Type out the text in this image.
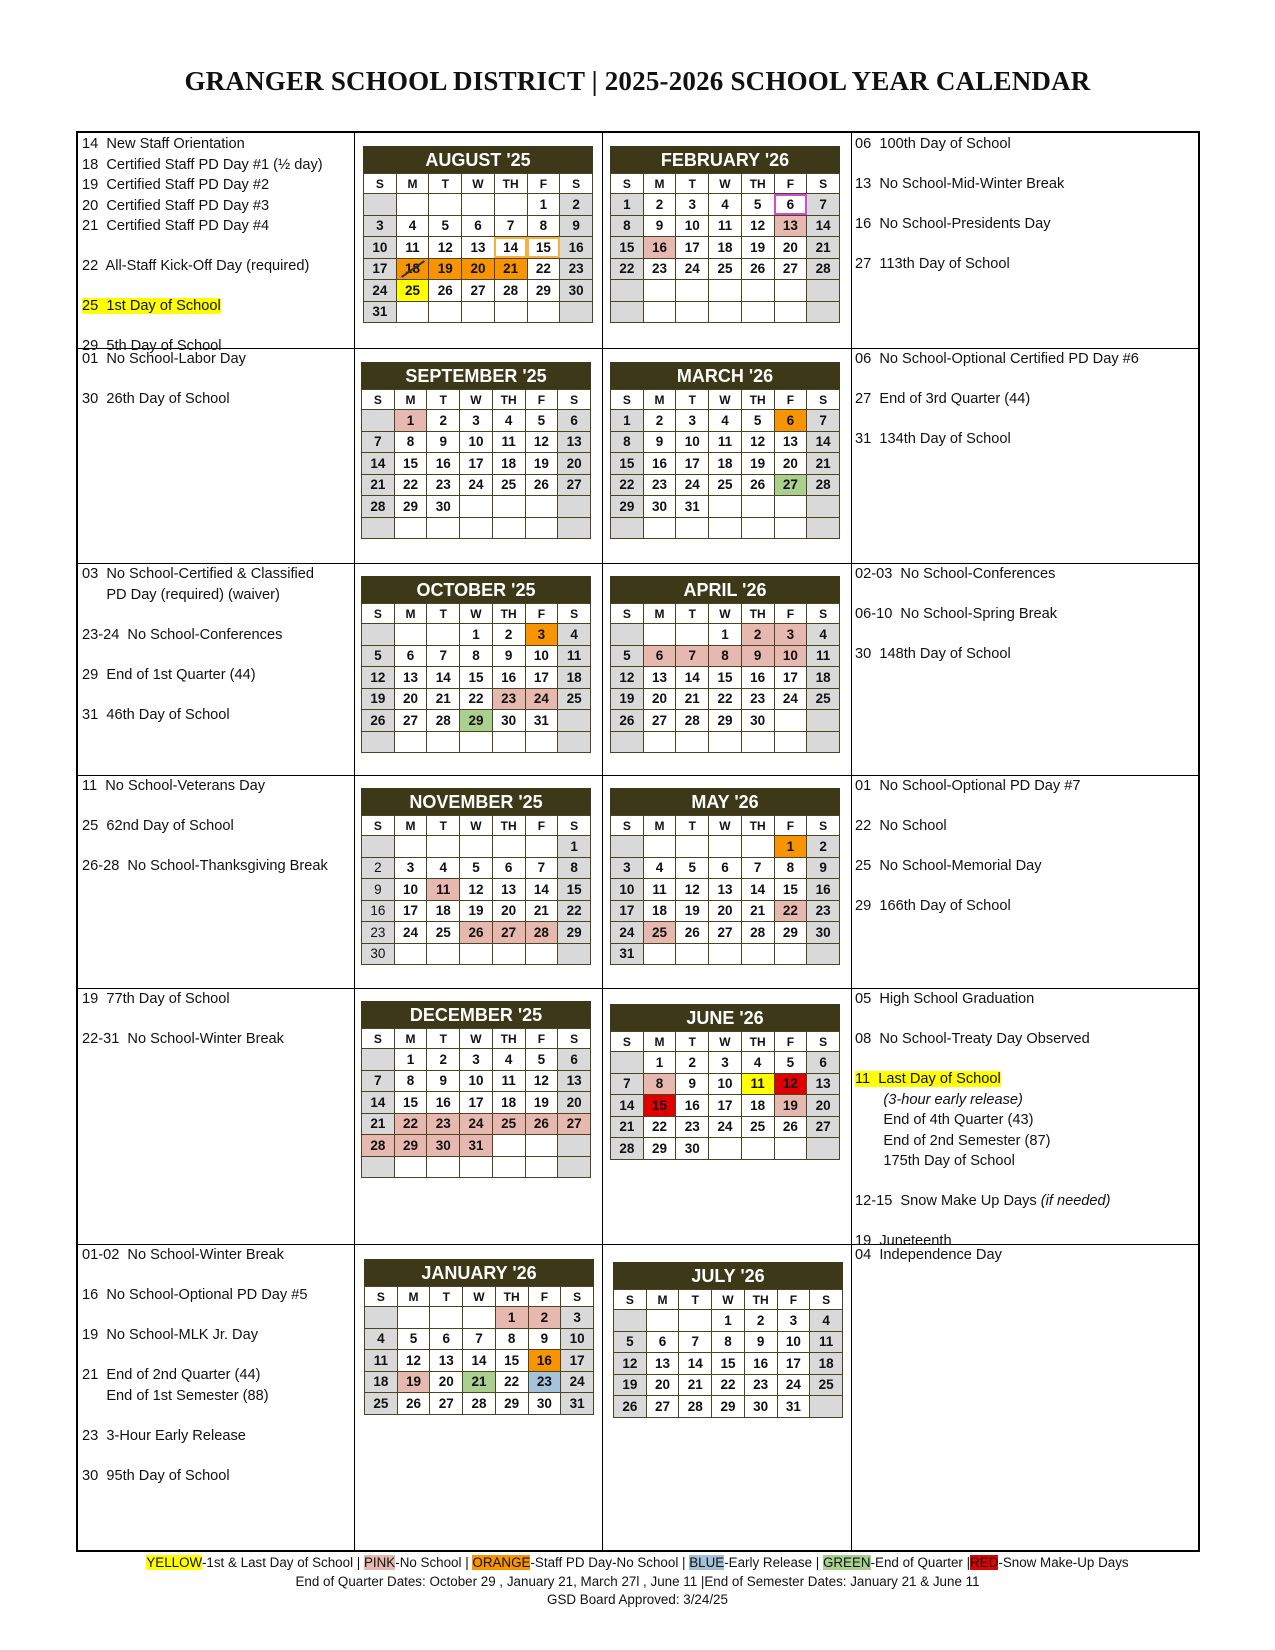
GRANGER SCHOOL DISTRICT | 2025-2026 SCHOOL YEAR CALENDAR
14  New Staff Orientation
18  Certified Staff PD Day #1 (½ day)
19  Certified Staff PD Day #2
20  Certified Staff PD Day #3
21  Certified Staff PD Day #4
22  All-Staff Kick-Off Day (required)
25  1st Day of School
29  5th Day of School
01  No School-Labor Day
30  26th Day of School
03  No School-Certified & Classified
PD Day (required) (waiver)
23-24  No School-Conferences
29  End of 1st Quarter (44)
31  46th Day of School
11  No School-Veterans Day
25  62nd Day of School
26-28  No School-Thanksgiving Break
19  77th Day of School
22-31  No School-Winter Break
01-02  No School-Winter Break
16  No School-Optional PD Day #5
19  No School-MLK Jr. Day
21  End of 2nd Quarter (44)
End of 1st Semester (88)
23  3-Hour Early Release
30  95th Day of School
06  100th Day of School
13  No School-Mid-Winter Break
16  No School-Presidents Day
27  113th Day of School
06  No School-Optional Certified PD Day #6
27  End of 3rd Quarter (44)
31  134th Day of School
02-03  No School-Conferences
06-10  No School-Spring Break
30  148th Day of School
01  No School-Optional PD Day #7
22  No School
25  No School-Memorial Day
29  166th Day of School
05  High School Graduation
08  No School-Treaty Day Observed
11  Last Day of School
(3-hour early release)
End of 4th Quarter (43)
End of 2nd Semester (87)
175th Day of School
12-15  Snow Make Up Days (if needed)
19  Juneteenth
04  Independence Day
AUGUST '25
S	M	T	W	TH	F	S
					1	2
3	4	5	6	7	8	9
10	11	12	13	14	15	16
17	18	19	20	21	22	23
24	25	26	27	28	29	30
31						
FEBRUARY '26
S	M	T	W	TH	F	S
1	2	3	4	5	6	7
8	9	10	11	12	13	14
15	16	17	18	19	20	21
22	23	24	25	26	27	28

SEPTEMBER '25
S	M	T	W	TH	F	S
	1	2	3	4	5	6
7	8	9	10	11	12	13
14	15	16	17	18	19	20
21	22	23	24	25	26	27
28	29	30				

MARCH '26
S	M	T	W	TH	F	S
1	2	3	4	5	6	7
8	9	10	11	12	13	14
15	16	17	18	19	20	21
22	23	24	25	26	27	28
29	30	31				

OCTOBER '25
S	M	T	W	TH	F	S
			1	2	3	4
5	6	7	8	9	10	11
12	13	14	15	16	17	18
19	20	21	22	23	24	25
26	27	28	29	30	31	

APRIL '26
S	M	T	W	TH	F	S
			1	2	3	4
5	6	7	8	9	10	11
12	13	14	15	16	17	18
19	20	21	22	23	24	25
26	27	28	29	30		

NOVEMBER '25
S	M	T	W	TH	F	S
						1
2	3	4	5	6	7	8
9	10	11	12	13	14	15
16	17	18	19	20	21	22
23	24	25	26	27	28	29
30						
MAY '26
S	M	T	W	TH	F	S
					1	2
3	4	5	6	7	8	9
10	11	12	13	14	15	16
17	18	19	20	21	22	23
24	25	26	27	28	29	30
31						
DECEMBER '25
S	M	T	W	TH	F	S
	1	2	3	4	5	6
7	8	9	10	11	12	13
14	15	16	17	18	19	20
21	22	23	24	25	26	27
28	29	30	31			

JUNE '26
S	M	T	W	TH	F	S
	1	2	3	4	5	6
7	8	9	10	11	12	13
14	15	16	17	18	19	20
21	22	23	24	25	26	27
28	29	30				
JANUARY '26
S	M	T	W	TH	F	S
				1	2	3
4	5	6	7	8	9	10
11	12	13	14	15	16	17
18	19	20	21	22	23	24
25	26	27	28	29	30	31
JULY '26
S	M	T	W	TH	F	S
			1	2	3	4
5	6	7	8	9	10	11
12	13	14	15	16	17	18
19	20	21	22	23	24	25
26	27	28	29	30	31	
YELLOW-1st & Last Day of School | PINK-No School | ORANGE-Staff PD Day-No School | BLUE-Early Release | GREEN-End of Quarter |RED-Snow Make-Up Days
End of Quarter Dates: October 29 , January 21, March 27l , June 11 |End of Semester Dates: January 21 & June 11
GSD Board Approved: 3/24/25
